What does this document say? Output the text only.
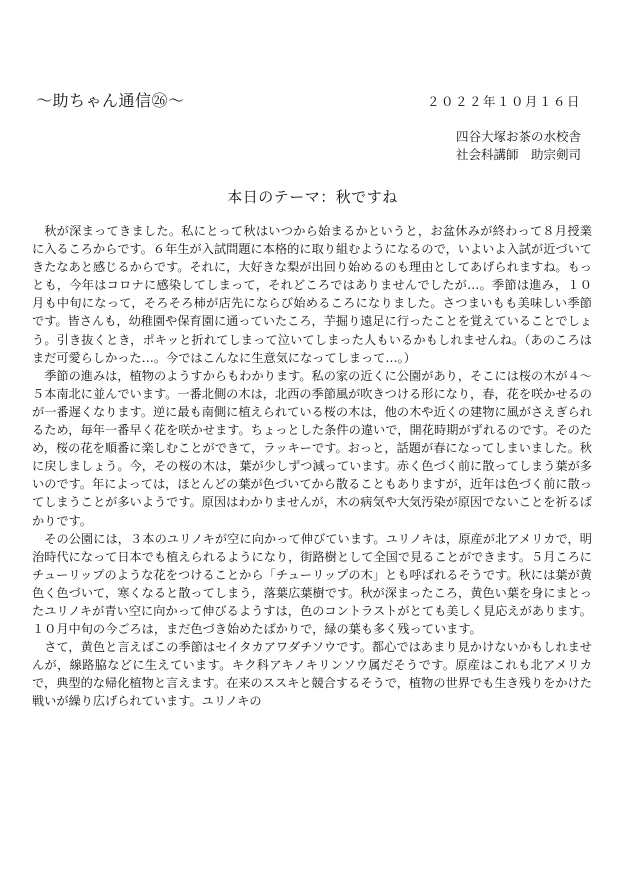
〜助ちゃん通信㉖〜	２０２２年１０月１６日
四谷大塚お茶の水校舎
社会科講師　助宗剣司
本日のテーマ：秋ですね

秋が深まってきました。私にとって秋はいつから始まるかというと，お盆休みが終わって８月授業に入るころからです。６年生が入試問題に本格的に取り組むようになるので，いよいよ入試が近づいてきたなあと感じるからです。それに，大好きな梨が出回り始めるのも理由としてあげられますね。もっとも，今年はコロナに感染してしまって，それどころではありませんでしたが…。季節は進み，１０月も中旬になって，そろそろ柿が店先にならび始めるころになりました。さつまいもも美味しい季節です。皆さんも，幼稚園や保育園に通っていたころ，芋掘り遠足に行ったことを覚えていることでしょう。引き抜くとき，ポキッと折れてしまって泣いてしまった人もいるかもしれませんね。（あのころはまだ可愛らしかった…。今ではこんなに生意気になってしまって…。）

季節の進みは，植物のようすからもわかります。私の家の近くに公園があり，そこには桜の木が４～５本南北に並んでいます。一番北側の木は，北西の季節風が吹きつける形になり，春，花を咲かせるのが一番遅くなります。逆に最も南側に植えられている桜の木は，他の木や近くの建物に風がさえぎられるため，毎年一番早く花を咲かせます。ちょっとした条件の違いで，開花時期がずれるのです。そのため，桜の花を順番に楽しむことができて，ラッキーです。おっと，話題が春になってしまいました。秋に戻しましょう。今，その桜の木は，葉が少しずつ減っています。赤く色づく前に散ってしまう葉が多いのです。年によっては，ほとんどの葉が色づいてから散ることもありますが，近年は色づく前に散ってしまうことが多いようです。原因はわかりませんが，木の病気や大気汚染が原因でないことを祈るばかりです。

その公園には，３本のユリノキが空に向かって伸びています。ユリノキは，原産が北アメリカで，明治時代になって日本でも植えられるようになり，街路樹として全国で見ることができます。５月ころにチューリップのような花をつけることから「チューリップの木」とも呼ばれるそうです。秋には葉が黄色く色づいて，寒くなると散ってしまう，落葉広葉樹です。秋が深まったころ，黄色い葉を身にまとったユリノキが青い空に向かって伸びるようすは，色のコントラストがとても美しく見応えがあります。１０月中旬の今ごろは，まだ色づき始めたばかりで，緑の葉も多く残っています。

さて，黄色と言えばこの季節はセイタカアワダチソウです。都心ではあまり見かけないかもしれませんが，線路脇などに生えています。キク科アキノキリンソウ属だそうです。原産はこれも北アメリカで，典型的な帰化植物と言えます。在来のススキと競合するそうで，植物の世界でも生き残りをかけた戦いが繰り広げられています。ユリノキの
